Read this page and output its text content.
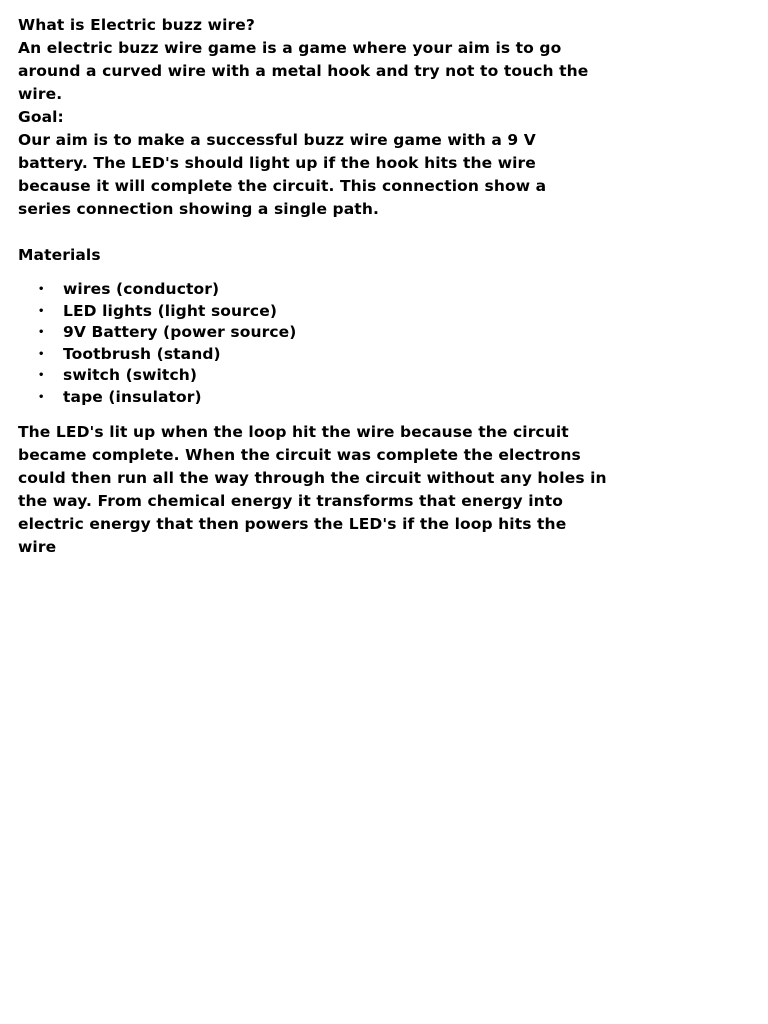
What is Electric buzz wire?
An electric buzz wire game is a game where your aim is to go
around a curved wire with a metal hook and try not to touch the
wire.
Goal:
Our aim is to make a successful buzz wire game with a 9 V
battery. The LED's should light up if the hook hits the wire
because it will complete the circuit. This connection show a
series connection showing a single path.
Materials
• wires (conductor)
• LED lights (light source)
• 9V Battery (power source)
• Tootbrush (stand)
• switch (switch)
• tape (insulator)
The LED's lit up when the loop hit the wire because the circuit
became complete. When the circuit was complete the electrons
could then run all the way through the circuit without any holes in
the way. From chemical energy it transforms that energy into
electric energy that then powers the LED's if the loop hits the
wire
